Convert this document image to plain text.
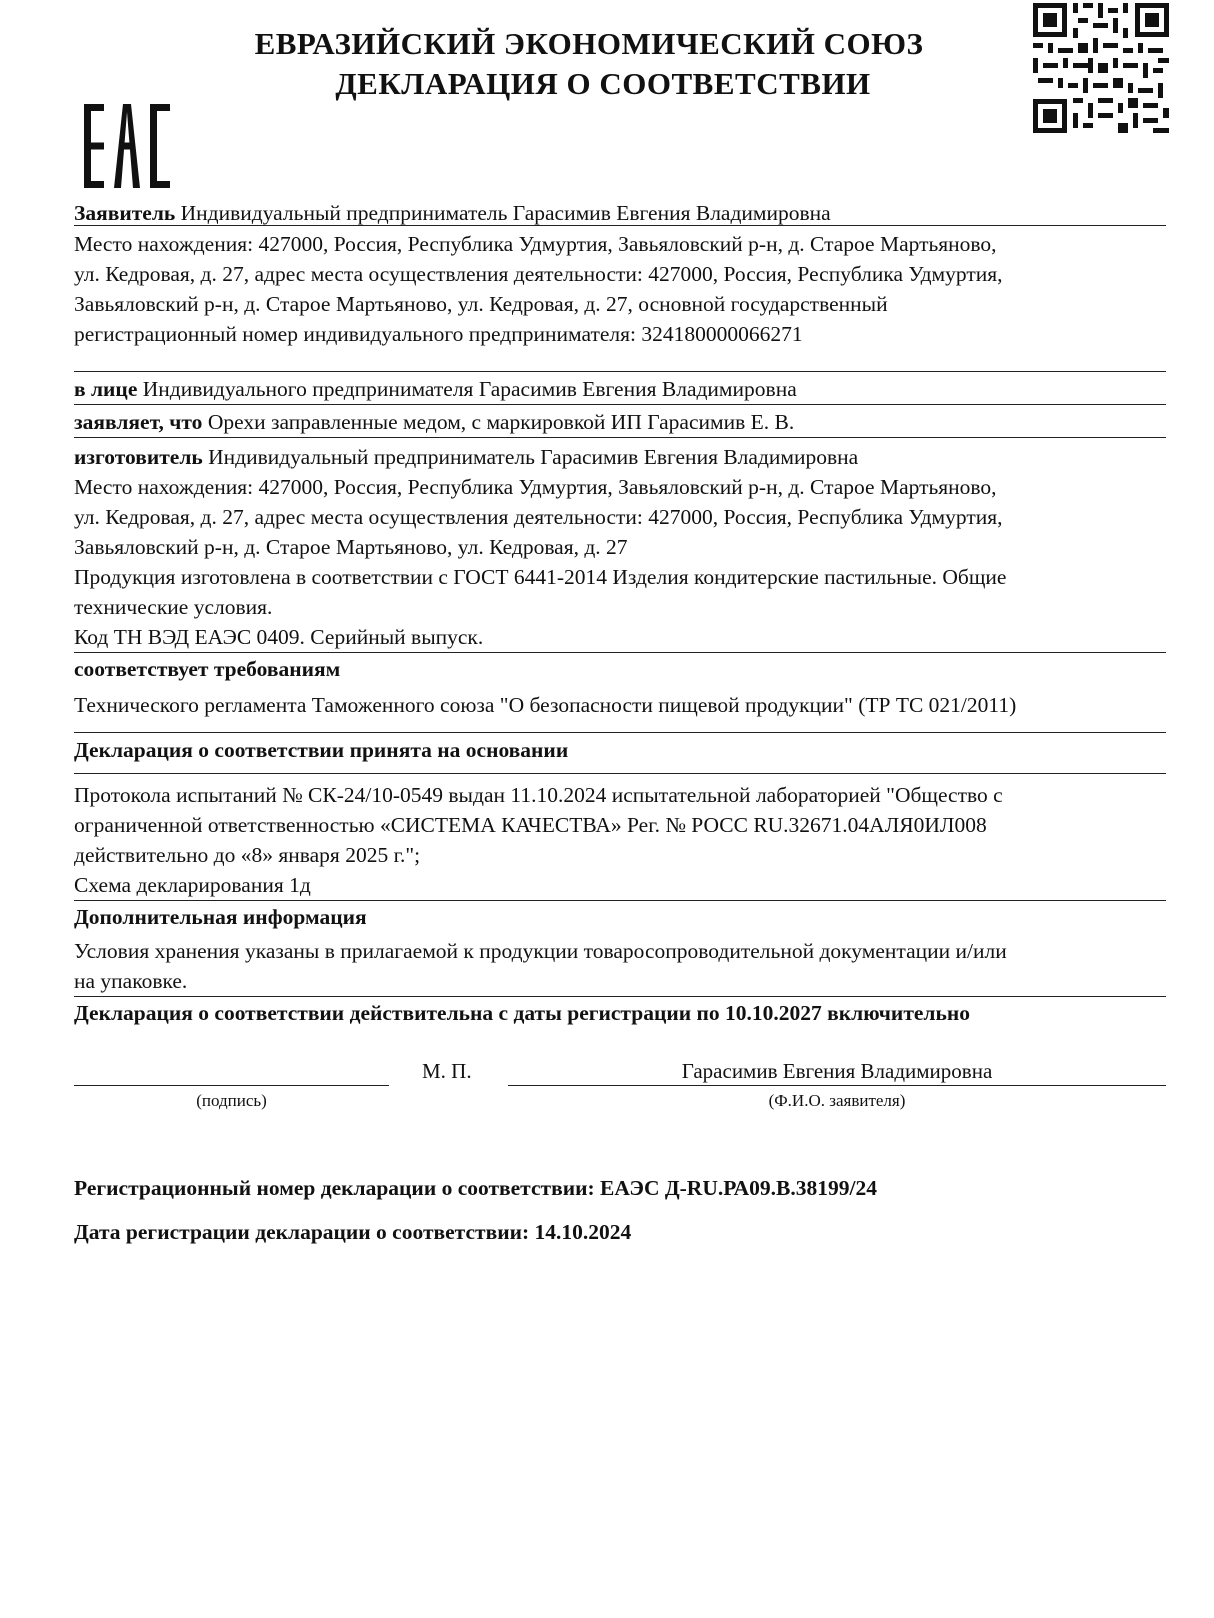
ЕВРАЗИЙСКИЙ ЭКОНОМИЧЕСКИЙ СОЮЗ
ДЕКЛАРАЦИЯ О СООТВЕТСТВИИ
Заявитель Индивидуальный предприниматель Гарасимив Евгения Владимировна
Место нахождения: 427000, Россия, Республика Удмуртия, Завьяловский р-н, д. Старое Мартьяново,
ул. Кедровая, д. 27, адрес места осуществления деятельности: 427000, Россия, Республика Удмуртия,
Завьяловский р-н, д. Старое Мартьяново, ул. Кедровая, д. 27, основной государственный
регистрационный номер индивидуального предпринимателя: 324180000066271
в лице Индивидуального предпринимателя Гарасимив Евгения Владимировна
заявляет, что Орехи заправленные медом, с маркировкой ИП Гарасимив Е. В.
изготовитель Индивидуальный предприниматель Гарасимив Евгения Владимировна
Место нахождения: 427000, Россия, Республика Удмуртия, Завьяловский р-н, д. Старое Мартьяново,
ул. Кедровая, д. 27, адрес места осуществления деятельности: 427000, Россия, Республика Удмуртия,
Завьяловский р-н, д. Старое Мартьяново, ул. Кедровая, д. 27
Продукция изготовлена в соответствии с ГОСТ 6441-2014 Изделия кондитерские пастильные. Общие
технические условия.
Код ТН ВЭД ЕАЭС 0409. Серийный выпуск.
соответствует требованиям
Технического регламента Таможенного союза "О безопасности пищевой продукции" (ТР ТС 021/2011)
Декларация о соответствии принята на основании
Протокола испытаний № СК-24/10-0549 выдан 11.10.2024 испытательной лабораторией "Общество с
ограниченной ответственностью «СИСТЕМА КАЧЕСТВА» Рег. № РОСС RU.32671.04АЛЯ0ИЛ008
действительно до «8» января 2025 г.";
Схема декларирования 1д
Дополнительная информация
Условия хранения указаны в прилагаемой к продукции товаросопроводительной документации и/или
на упаковке.
Декларация о соответствии действительна с даты регистрации по 10.10.2027 включительно
М. П.	Гарасимив Евгения Владимировна
(подпись)	(Ф.И.О. заявителя)
Регистрационный номер декларации о соответствии: ЕАЭС Д-RU.РА09.В.38199/24
Дата регистрации декларации о соответствии: 14.10.2024
